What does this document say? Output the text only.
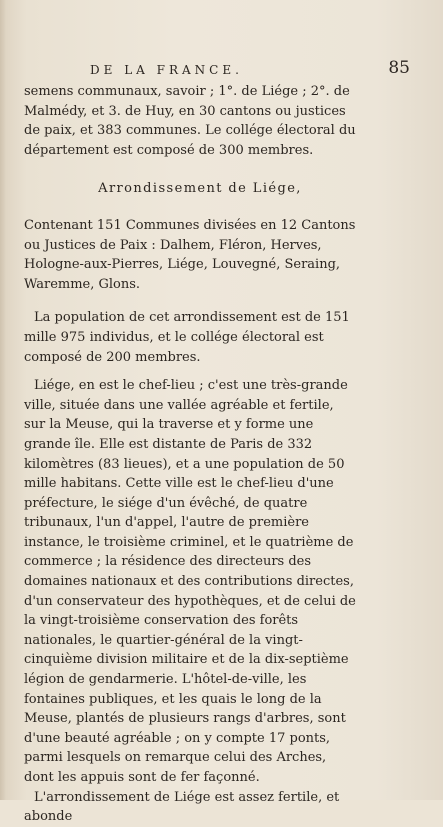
DE LA FRANCE.	85

semens communaux, savoir ; 1°. de Liége ; 2°. de Malmédy, et 3. de Huy, en 30 cantons ou justices de paix, et 383 communes. Le collége électoral du département est composé de 300 membres.

Arrondissement de Liége,

Contenant 151 Communes divisées en 12 Cantons ou Justices de Paix : Dalhem, Fléron, Herves, Hologne-aux-Pierres, Liége, Louvegné, Seraing, Waremme, Glons.

La population de cet arrondissement est de 151 mille 975 individus, et le collége électoral est composé de 200 membres.

Liége, en est le chef-lieu ; c'est une très-grande ville, située dans une vallée agréable et fertile, sur la Meuse, qui la traverse et y forme une grande île. Elle est distante de Paris de 332 kilomètres (83 lieues), et a une population de 50 mille habitans. Cette ville est le chef-lieu d'une préfecture, le siége d'un évêché, de quatre tribunaux, l'un d'appel, l'autre de première instance, le troisième criminel, et le quatrième de commerce ; la résidence des directeurs des domaines nationaux et des contributions directes, d'un conservateur des hypothèques, et de celui de la vingt-troisième conservation des forêts nationales, le quartier-général de la vingt-cinquième division militaire et de la dix-septième légion de gendarmerie. L'hôtel-de-ville, les fontaines publiques, et les quais le long de la Meuse, plantés de plusieurs rangs d'arbres, sont d'une beauté agréable ; on y compte 17 ponts, parmi lesquels on remarque celui des Arches, dont les appuis sont de fer façonné.

L'arrondissement de Liége est assez fertile, et abonde
